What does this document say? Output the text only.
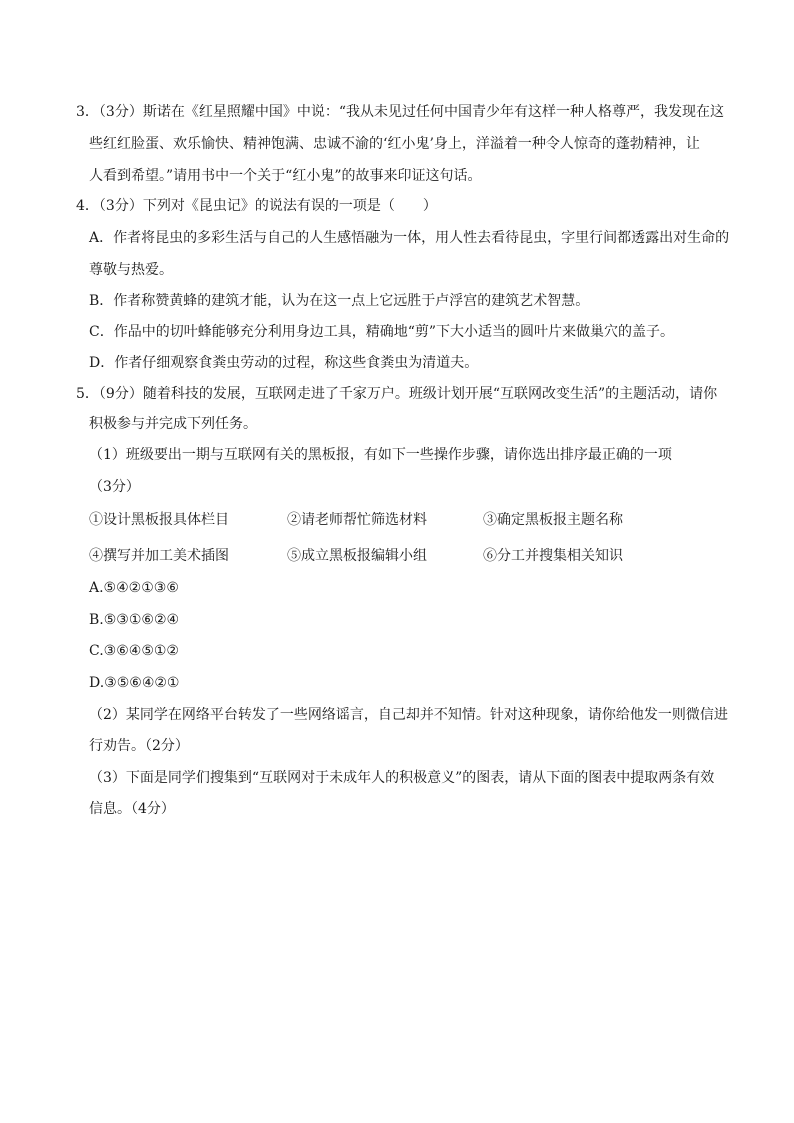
3．（3分）斯诺在《红星照耀中国》中说：“我从未见过任何中国青少年有这样一种人格尊严，我发现在这
些红红脸蛋、欢乐愉快、精神饱满、忠诚不渝的‘红小鬼’身上，洋溢着一种令人惊奇的蓬勃精神，让
人看到希望。”请用书中一个关于“红小鬼”的故事来印证这句话。
4．（3分）下列对《昆虫记》的说法有误的一项是（　　）
A．作者将昆虫的多彩生活与自己的人生感悟融为一体，用人性去看待昆虫，字里行间都透露出对生命的
尊敬与热爱。
B．作者称赞黄蜂的建筑才能，认为在这一点上它远胜于卢浮宫的建筑艺术智慧。
C．作品中的切叶蜂能够充分利用身边工具，精确地“剪”下大小适当的圆叶片来做巢穴的盖子。
D．作者仔细观察食粪虫劳动的过程，称这些食粪虫为清道夫。
5．（9分）随着科技的发展，互联网走进了千家万户。班级计划开展“互联网改变生活”的主题活动，请你
积极参与并完成下列任务。
（1）班级要出一期与互联网有关的黑板报，有如下一些操作步骤，请你选出排序最正确的一项
（3分）
①设计黑板报具体栏目	②请老师帮忙筛选材料	③确定黑板报主题名称
④撰写并加工美术插图	⑤成立黑板报编辑小组	⑥分工并搜集相关知识
A.⑤④②①③⑥
B.⑤③①⑥②④
C.③⑥④⑤①②
D.③⑤⑥④②①
（2）某同学在网络平台转发了一些网络谣言，自己却并不知情。针对这种现象，请你给他发一则微信进
行劝告。（2分）
（3）下面是同学们搜集到“互联网对于未成年人的积极意义”的图表，请从下面的图表中提取两条有效
信息。（4分）
